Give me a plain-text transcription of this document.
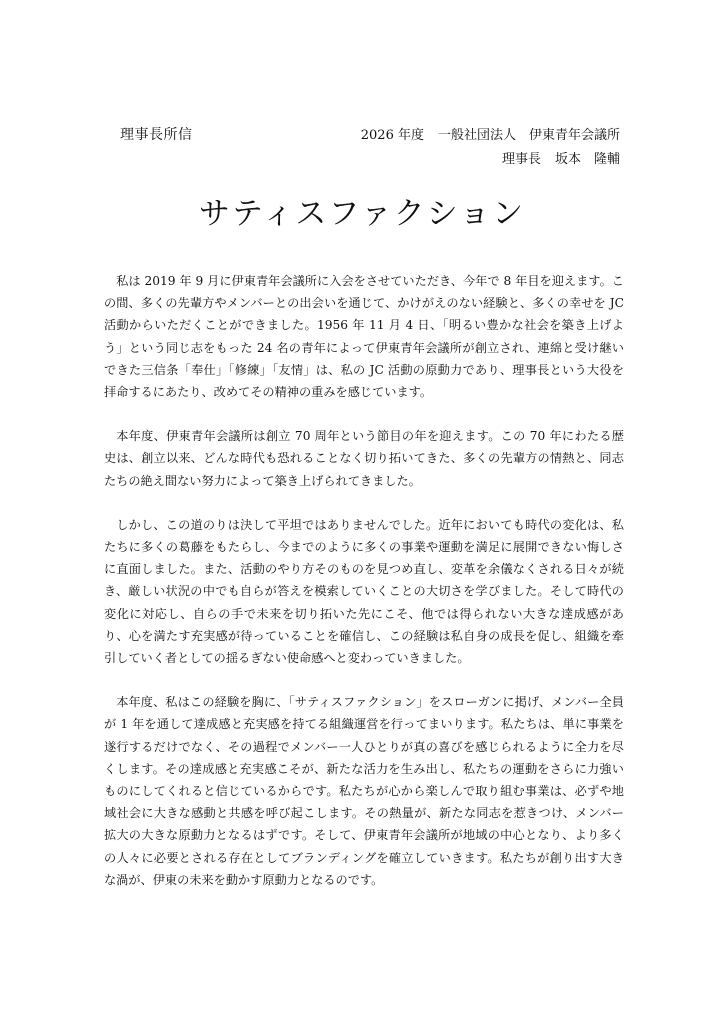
理事長所信	2026 年度 一般社団法人　伊東青年会議所
理事長 坂本　隆輔
サティスファクション

私は 2019 年 9 月に伊東青年会議所に入会をさせていただき、今年で 8 年目を迎えます。この間、多くの先輩方やメンバーとの出会いを通じて、かけがえのない経験と、多くの幸せを JC 活動からいただくことができました。1956 年 11 月 4 日、「明るい豊かな社会を築き上げよう」という同じ志をもった 24 名の青年によって伊東青年会議所が創立され、連綿と受け継いできた三信条「奉仕」「修練」「友情」は、私の JC 活動の原動力であり、理事長という大役を拝命するにあたり、改めてその精神の重みを感じています。

本年度、伊東青年会議所は創立 70 周年という節目の年を迎えます。この 70 年にわたる歴史は、創立以来、どんな時代も恐れることなく切り拓いてきた、多くの先輩方の情熱と、同志たちの絶え間ない努力によって築き上げられてきました。

しかし、この道のりは決して平坦ではありませんでした。近年においても時代の変化は、私たちに多くの葛藤をもたらし、今までのように多くの事業や運動を満足に展開できない悔しさに直面しました。また、活動のやり方そのものを見つめ直し、変革を余儀なくされる日々が続き、厳しい状況の中でも自らが答えを模索していくことの大切さを学びました。そして時代の変化に対応し、自らの手で未来を切り拓いた先にこそ、他では得られない大きな達成感があり、心を満たす充実感が待っていることを確信し、この経験は私自身の成長を促し、組織を牽引していく者としての揺るぎない使命感へと変わっていきました。

本年度、私はこの経験を胸に、「サティスファクション」をスローガンに掲げ、メンバー全員が 1 年を通して達成感と充実感を持てる組織運営を行ってまいります。私たちは、単に事業を遂行するだけでなく、その過程でメンバー一人ひとりが真の喜びを感じられるように全力を尽くします。その達成感と充実感こそが、新たな活力を生み出し、私たちの運動をさらに力強いものにしてくれると信じているからです。私たちが心から楽しんで取り組む事業は、必ずや地域社会に大きな感動と共感を呼び起こします。その熱量が、新たな同志を惹きつけ、メンバー拡大の大きな原動力となるはずです。そして、伊東青年会議所が地域の中心となり、より多くの人々に必要とされる存在としてブランディングを確立していきます。私たちが創り出す大きな渦が、伊東の未来を動かす原動力となるのです。
